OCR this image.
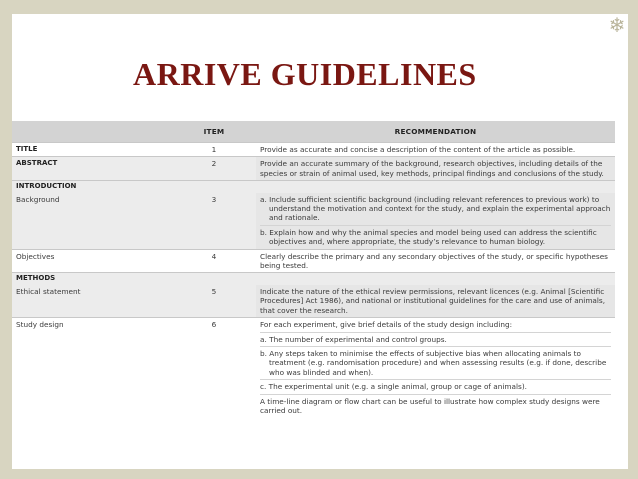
❄
ARRIVE GUIDELINES
	ITEM	RECOMMENDATION
TITLE	1	Provide as accurate and concise a description of the content of the article as possible.
ABSTRACT	2	Provide an accurate summary of the background, research objectives, including details of the species or strain of animal used, key methods, principal findings and conclusions of the study.
INTRODUCTION		
Background	3	a. Include sufficient scientific background (including relevant references to previous work) to understand the motivation and context for the study, and explain the experimental approach and rationale.
b. Explain how and why the animal species and model being used can address the scientific objectives and, where appropriate, the study’s relevance to human biology.

Objectives	4	Clearly describe the primary and any secondary objectives of the study, or specific hypotheses being tested.
METHODS		
Ethical statement	5	Indicate the nature of the ethical review permissions, relevant licences (e.g. Animal [Scientific Procedures] Act 1986), and national or institutional guidelines for the care and use of animals, that cover the research.
Study design	6	For each experiment, give brief details of the study design including:
a. The number of experimental and control groups.
b. Any steps taken to minimise the effects of subjective bias when allocating animals to treatment (e.g. randomisation procedure) and when assessing results (e.g. if done, describe who was blinded and when).
c. The experimental unit (e.g. a single animal, group or cage of animals).
A time-line diagram or flow chart can be useful to illustrate how complex study designs were carried out.
